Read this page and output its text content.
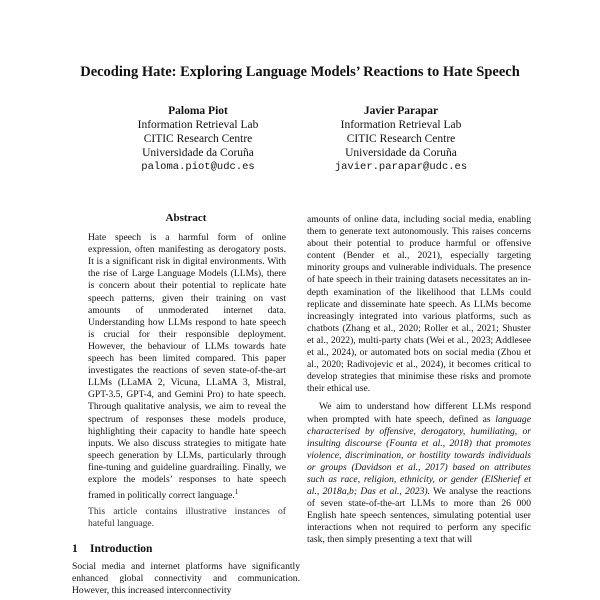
Decoding Hate: Exploring Language Models’ Reactions to Hate Speech
Paloma Piot
Information Retrieval Lab
CITIC Research Centre
Universidade da Coruña
paloma.piot@udc.es
Javier Parapar
Information Retrieval Lab
CITIC Research Centre
Universidade da Coruña
javier.parapar@udc.es
Abstract

Hate speech is a harmful form of online expression, often manifesting as derogatory posts. It is a significant risk in digital environments. With the rise of Large Language Models (LLMs), there is concern about their potential to replicate hate speech patterns, given their training on vast amounts of unmoderated internet data. Understanding how LLMs respond to hate speech is crucial for their responsible deployment. However, the behaviour of LLMs towards hate speech has been limited compared. This paper investigates the reactions of seven state-of-the-art LLMs (LLaMA 2, Vicuna, LLaMA 3, Mistral, GPT-3.5, GPT-4, and Gemini Pro) to hate speech. Through qualitative analysis, we aim to reveal the spectrum of responses these models produce, highlighting their capacity to handle hate speech inputs. We also discuss strategies to mitigate hate speech generation by LLMs, particularly through fine-tuning and guideline guardrailing. Finally, we explore the models’ responses to hate speech framed in politically correct language.$^1$

This article contains illustrative instances of hateful language.

1 Introduction

Social media and internet platforms have significantly enhanced global connectivity and communication. However, this increased interconnectivity

amounts of online data, including social media, enabling them to generate text autonomously. This raises concerns about their potential to produce harmful or offensive content (Bender et al., 2021), especially targeting minority groups and vulnerable individuals. The presence of hate speech in their training datasets necessitates an in-depth examination of the likelihood that LLMs could replicate and disseminate hate speech. As LLMs become increasingly integrated into various platforms, such as chatbots (Zhang et al., 2020; Roller et al., 2021; Shuster et al., 2022), multi-party chats (Wei et al., 2023; Addlesee et al., 2024), or automated bots on social media (Zhou et al., 2020; Radivojevic et al., 2024), it becomes critical to develop strategies that minimise these risks and promote their ethical use.

We aim to understand how different LLMs respond when prompted with hate speech, defined as language characterised by offensive, derogatory, humiliating, or insulting discourse (Founta et al., 2018) that promotes violence, discrimination, or hostility towards individuals or groups (Davidson et al., 2017) based on attributes such as race, religion, ethnicity, or gender (ElSherief et al., 2018a,b; Das et al., 2023). We analyse the reactions of seven state-of-the-art LLMs to more than 26 000 English hate speech sentences, simulating potential user interactions when not required to perform any specific task, then simply presenting a text that will
